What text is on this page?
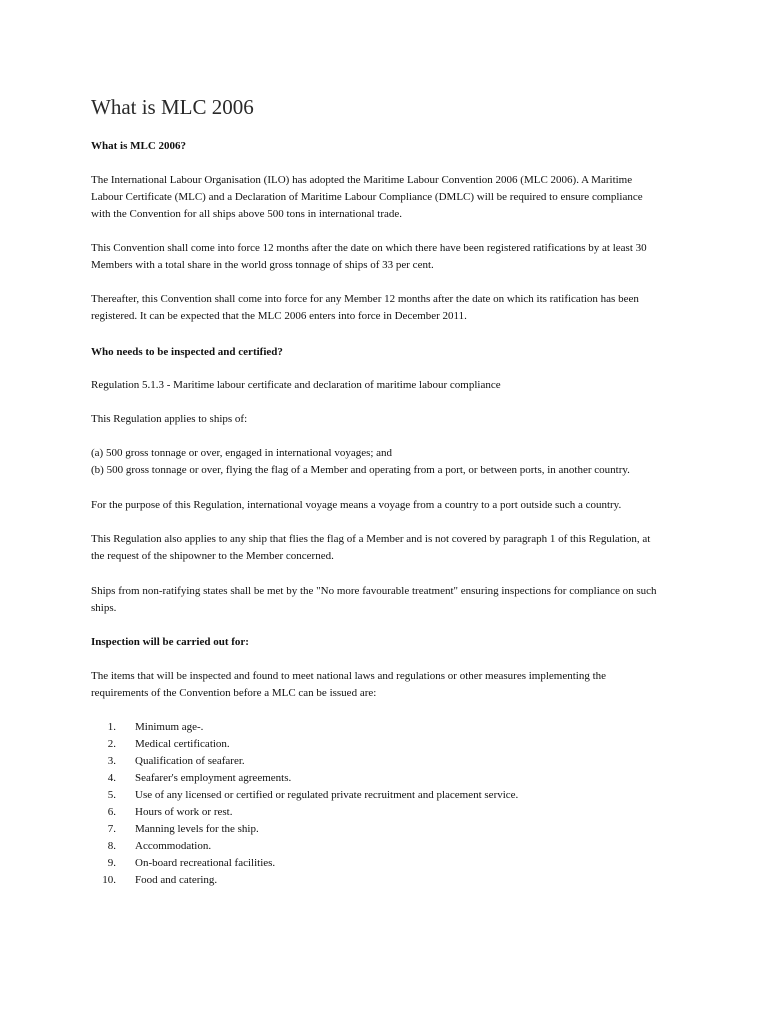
What is MLC 2006

What is MLC 2006?

The International Labour Organisation (ILO) has adopted the Maritime Labour Convention 2006 (MLC 2006). A Maritime
Labour Certificate (MLC) and a Declaration of Maritime Labour Compliance (DMLC) will be required to ensure compliance
with the Convention for all ships above 500 tons in international trade.

This Convention shall come into force 12 months after the date on which there have been registered ratifications by at least 30
Members with a total share in the world gross tonnage of ships of 33 per cent.

Thereafter, this Convention shall come into force for any Member 12 months after the date on which its ratification has been
registered. It can be expected that the MLC 2006 enters into force in December 2011.

Who needs to be inspected and certified?

Regulation 5.1.3 - Maritime labour certificate and declaration of maritime labour compliance

This Regulation applies to ships of:

(a) 500 gross tonnage or over, engaged in international voyages; and
(b) 500 gross tonnage or over, flying the flag of a Member and operating from a port, or between ports, in another country.

For the purpose of this Regulation, international voyage means a voyage from a country to a port outside such a country.

This Regulation also applies to any ship that flies the flag of a Member and is not covered by paragraph 1 of this Regulation, at
the request of the shipowner to the Member concerned.

Ships from non-ratifying states shall be met by the "No more favourable treatment" ensuring inspections for compliance on such
ships.

Inspection will be carried out for:

The items that will be inspected and found to meet national laws and regulations or other measures implementing the
requirements of the Convention before a MLC can be issued are:

1. Minimum age-.
2. Medical certification.
3. Qualification of seafarer.
4. Seafarer's employment agreements.
5. Use of any licensed or certified or regulated private recruitment and placement service.
6. Hours of work or rest.
7. Manning levels for the ship.
8. Accommodation.
9. On-board recreational facilities.
10. Food and catering.
